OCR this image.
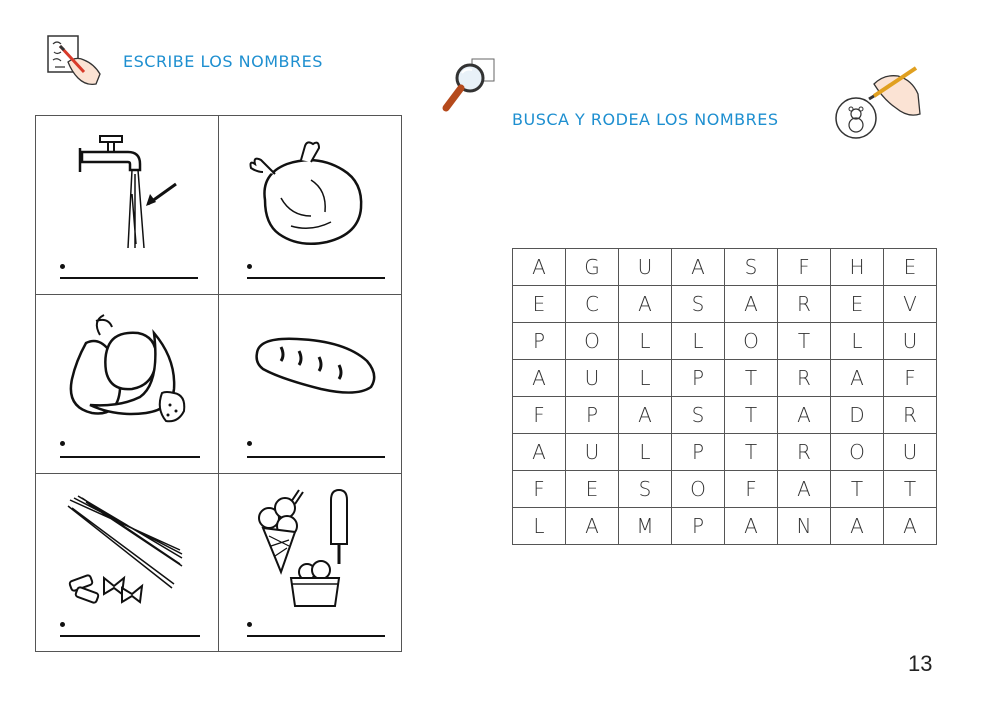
ESCRIBE LOS NOMBRES
BUSCA Y RODEA LOS NOMBRES
A	G	U	A	S	F	H	E
E	C	A	S	A	R	E	V
P	O	L	L	O	T	L	U
A	U	L	P	T	R	A	F
F	P	A	S	T	A	D	R
A	U	L	P	T	R	O	U
F	E	S	O	F	A	T	T
L	A	M	P	A	N	A	A
13
